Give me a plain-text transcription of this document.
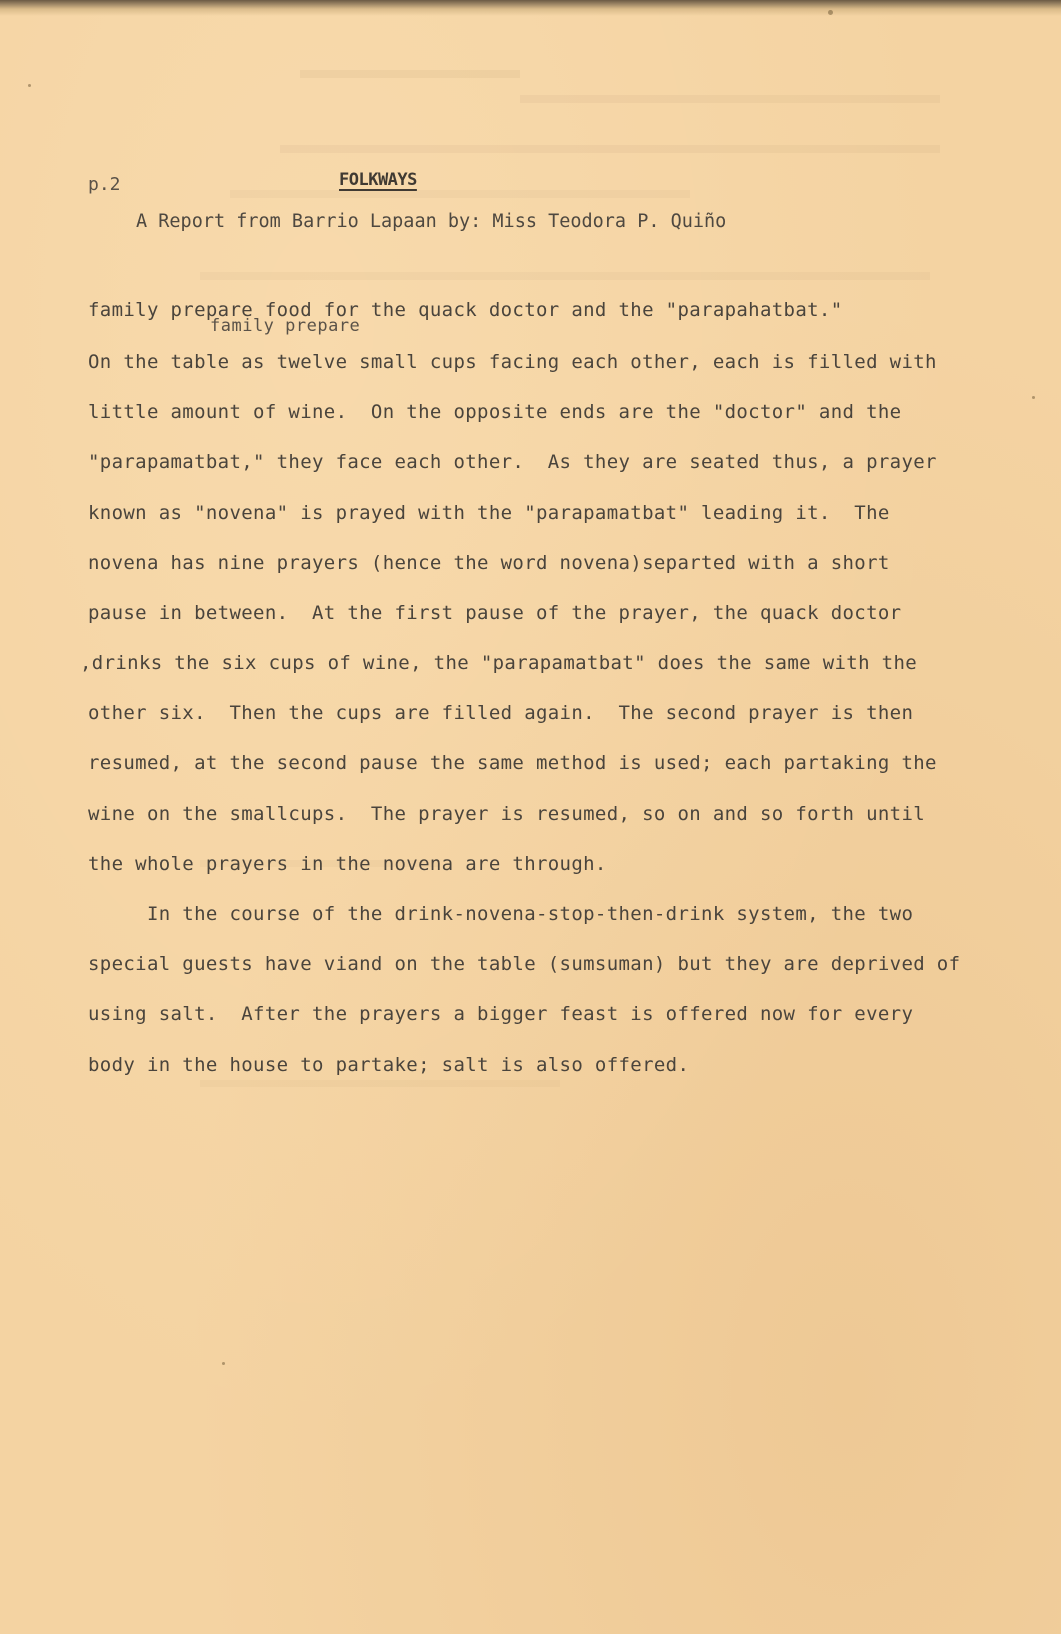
p.2	FOLKWAYS
A Report from Barrio Lapaan by: Miss Teodora P. Quiño
family prepare
family prepare food for the quack doctor and the "parapahatbat."
On the table as twelve small cups facing each other, each is filled with
little amount of wine.  On the opposite ends are the "doctor" and the
"parapamatbat," they face each other.  As they are seated thus, a prayer
known as "novena" is prayed with the "parapamatbat" leading it.  The
novena has nine prayers (hence the word novena)separted with a short
pause in between.  At the first pause of the prayer, the quack doctor
,drinks the six cups of wine, the "parapamatbat" does the same with the
other six.  Then the cups are filled again.  The second prayer is then
resumed, at the second pause the same method is used; each partaking the
wine on the smallcups.  The prayer is resumed, so on and so forth until
the whole prayers in the novena are through.
In the course of the drink-novena-stop-then-drink system, the two
special guests have viand on the table (sumsuman) but they are deprived of
using salt.  After the prayers a bigger feast is offered now for every
body in the house to partake; salt is also offered.
